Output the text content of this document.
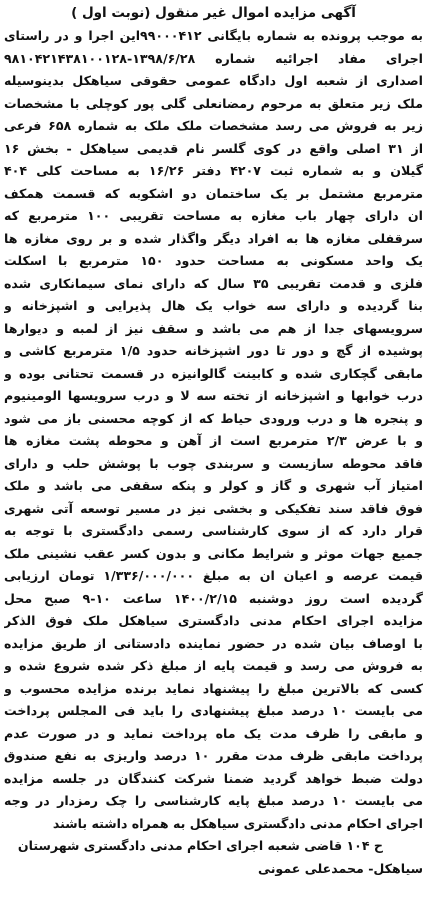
آگهی مزایده اموال غیر منقول (نوبت اول )
به موجب پرونده به شماره بایگانی ۹۹۰۰۰۴۱۲این اجرا و در راستای
اجرای مفاد اجرائیه شماره ۱۳۹۸/۶/۲۸-۹۸۱۰۴۲۱۴۳۸۱۰۰۱۲۸
اصداری از شعبه اول دادگاه عمومی حقوقی سیاهکل بدینوسیله
ملک زیر متعلق به مرحوم رمضانعلی گلی پور کوچلی با مشخصات
زیر به فروش می رسد مشخصات ملک ملک به شماره ۶۵۸ فرعی
از ۳۱ اصلی واقع در کوی گلسر نام قدیمی سیاهکل - بخش ۱۶
گیلان و به شماره ثبت ۴۲۰۷ دفتر ۱۶/۲۶ به مساحت کلی ۴۰۴
مترمربع مشتمل بر یک ساختمان دو اشکوبه که قسمت همکف
ان دارای چهار باب مغازه به مساحت تقریبی ۱۰۰ مترمربع که
سرقفلی مغازه ها به افراد دیگر واگذار شده و بر روی مغازه ها
یک واحد مسکونی به مساحت حدود ۱۵۰ مترمربع با اسکلت
فلزی و قدمت تقریبی ۳۵ سال که دارای نمای سیمانکاری شده
بنا گردیده و دارای سه خواب یک هال پذیرایی و اشپزخانه و
سرویسهای جدا از هم می باشد و سقف نیز از لمبه و دیوارها
پوشیده از گچ و دور تا دور اشپزخانه حدود ۱/۵ مترمربع کاشی و
مابقی گچکاری شده و کابینت گالوانیزه در قسمت تحتانی بوده و
درب خوابها و اشپزخانه از تخته سه لا و درب سرویسها الومینیوم
و پنجره ها و درب ورودی حیاط که از کوچه محسنی باز می شود
و با عرض ۲/۳ مترمربع است از آهن و محوطه پشت مغازه ها
فاقد محوطه سازیست و سربندی چوب با پوشش حلب و دارای
امتیاز آب شهری و گاز و کولر و پنکه سقفی می باشد و ملک
فوق فاقد سند تفکیکی و بخشی نیز در مسیر توسعه آتی شهری
قرار دارد که از سوی کارشناسی رسمی دادگستری با توجه به
جمیع جهات موثر و شرایط مکانی و بدون کسر عقب نشینی ملک
قیمت عرصه و اعیان ان به مبلغ ۱/۳۳۶/۰۰۰/۰۰۰ تومان ارزیابی
گردیده است روز دوشنبه ۱۴۰۰/۲/۱۵ ساعت ۱۰-۹ صبح محل
مزایده اجرای احکام مدنی دادگستری سیاهکل ملک فوق الذکر
با اوصاف بیان شده در حضور نماینده دادستانی از طریق مزایده
به فروش می رسد و قیمت پایه از مبلغ ذکر شده شروع شده و
کسی که بالاترین مبلغ را پیشنهاد نماید برنده مزایده محسوب و
می بایست ۱۰ درصد مبلغ پیشنهادی را باید فی المجلس پرداخت
و مابقی را ظرف مدت یک ماه پرداخت نماید و در صورت عدم
پرداخت مابقی ظرف مدت مقرر ۱۰ درصد واریزی به نفع صندوق
دولت ضبط خواهد گردید ضمنا شرکت کنندگان در جلسه مزایده
می بایست ۱۰ درصد مبلغ پایه کارشناسی را چک رمزدار در وجه
اجرای احکام مدنی دادگستری سیاهکل به همراه داشته باشند
ح ۱۰۴ قاضی شعبه اجرای احکام مدنی دادگستری شهرستان
سیاهکل- محمدعلی عمونی
